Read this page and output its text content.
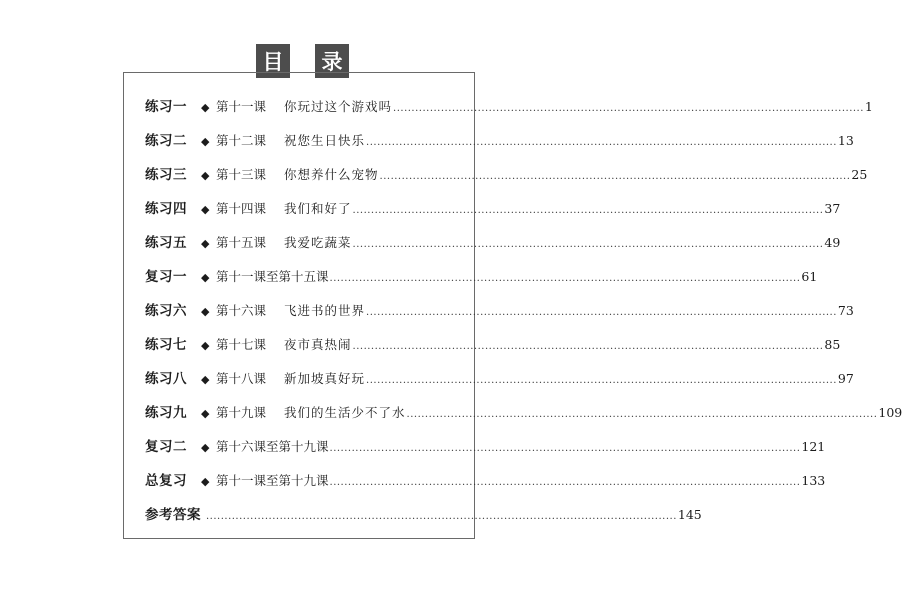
目	录
练习一	◆ 第十一课 你玩过这个游戏吗 ................................................................................................................................ 1
练习二	◆ 第十二课 祝您生日快乐 ................................................................................................................................ 13
练习三	◆ 第十三课 你想养什么宠物 ................................................................................................................................ 25
练习四	◆ 第十四课 我们和好了 ................................................................................................................................ 37
练习五	◆ 第十五课 我爱吃蔬菜 ................................................................................................................................ 49
复习一	◆ 第十一课至第十五课 ................................................................................................................................ 61
练习六	◆ 第十六课 飞进书的世界 ................................................................................................................................ 73
练习七	◆ 第十七课 夜市真热闹 ................................................................................................................................ 85
练习八	◆ 第十八课 新加坡真好玩 ................................................................................................................................ 97
练习九	◆ 第十九课 我们的生活少不了水 ................................................................................................................................ 109
复习二	◆ 第十六课至第十九课 ................................................................................................................................ 121
总复习	◆ 第十一课至第十九课 ................................................................................................................................ 133
参考答案 ................................................................................................................................ 145
